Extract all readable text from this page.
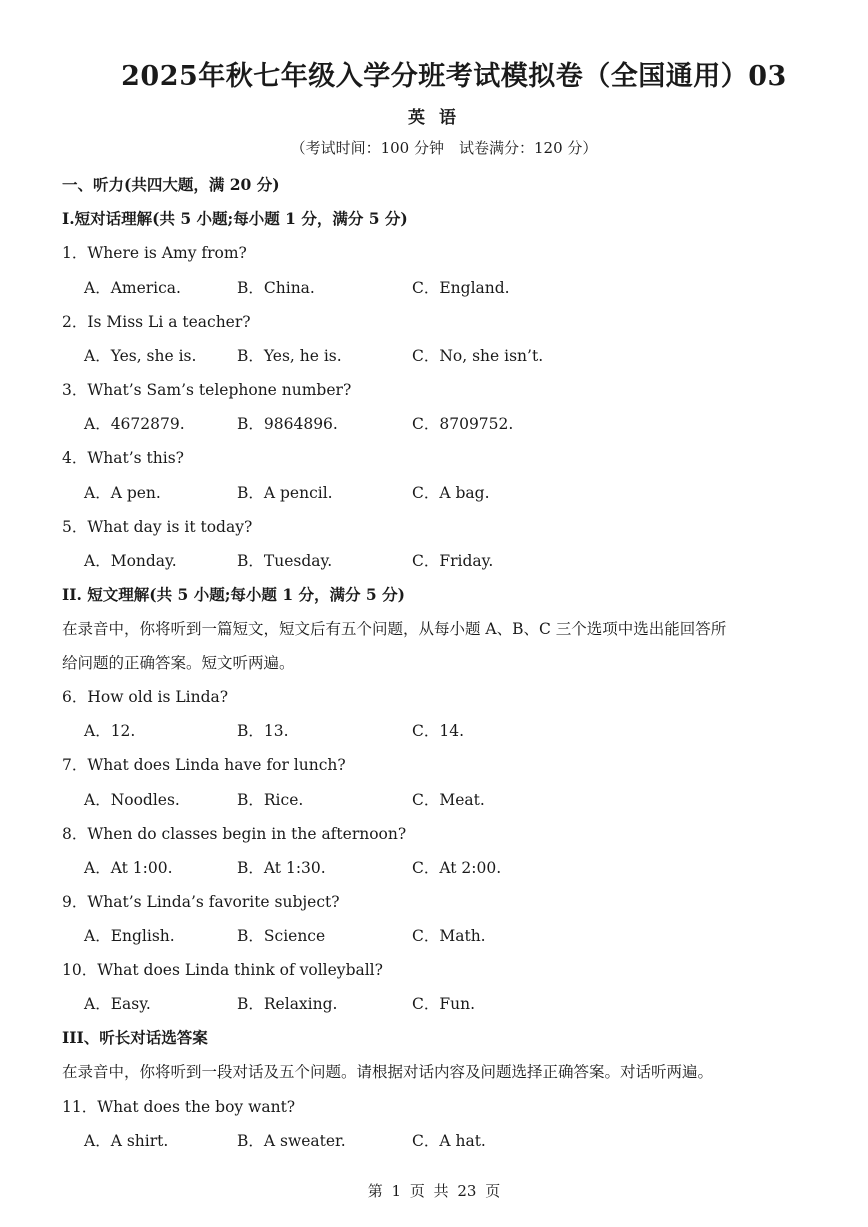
2025年秋七年级入学分班考试模拟卷（全国通用）03
英语
（考试时间：100 分钟　试卷满分：120 分）
一、听力(共四大题，满 20 分)
I.短对话理解(共 5 小题;每小题 1 分，满分 5 分)
1．Where is Amy from?
A．America.	B．China.	C．England.
2．Is Miss Li a teacher?
A．Yes, she is.	B．Yes, he is.	C．No, she isn’t.
3．What’s Sam’s telephone number?
A．4672879.	B．9864896.	C．8709752.
4．What’s this?
A．A pen.	B．A pencil.	C．A bag.
5．What day is it today?
A．Monday.	B．Tuesday.	C．Friday.
II. 短文理解(共 5 小题;每小题 1 分，满分 5 分)
在录音中，你将听到一篇短文，短文后有五个问题，从每小题 A、B、C 三个选项中选出能回答所
给问题的正确答案。短文听两遍。
6．How old is Linda?
A．12.	B．13.	C．14.
7．What does Linda have for lunch?
A．Noodles.	B．Rice.	C．Meat.
8．When do classes begin in the afternoon?
A．At 1:00.	B．At 1:30.	C．At 2:00.
9．What’s Linda’s favorite subject?
A．English.	B．Science	C．Math.
10．What does Linda think of volleyball?
A．Easy.	B．Relaxing.	C．Fun.
III、听长对话选答案
在录音中，你将听到一段对话及五个问题。请根据对话内容及问题选择正确答案。对话听两遍。
11．What does the boy want?
A．A shirt.	B．A sweater.	C．A hat.
第 1 页 共 23 页
